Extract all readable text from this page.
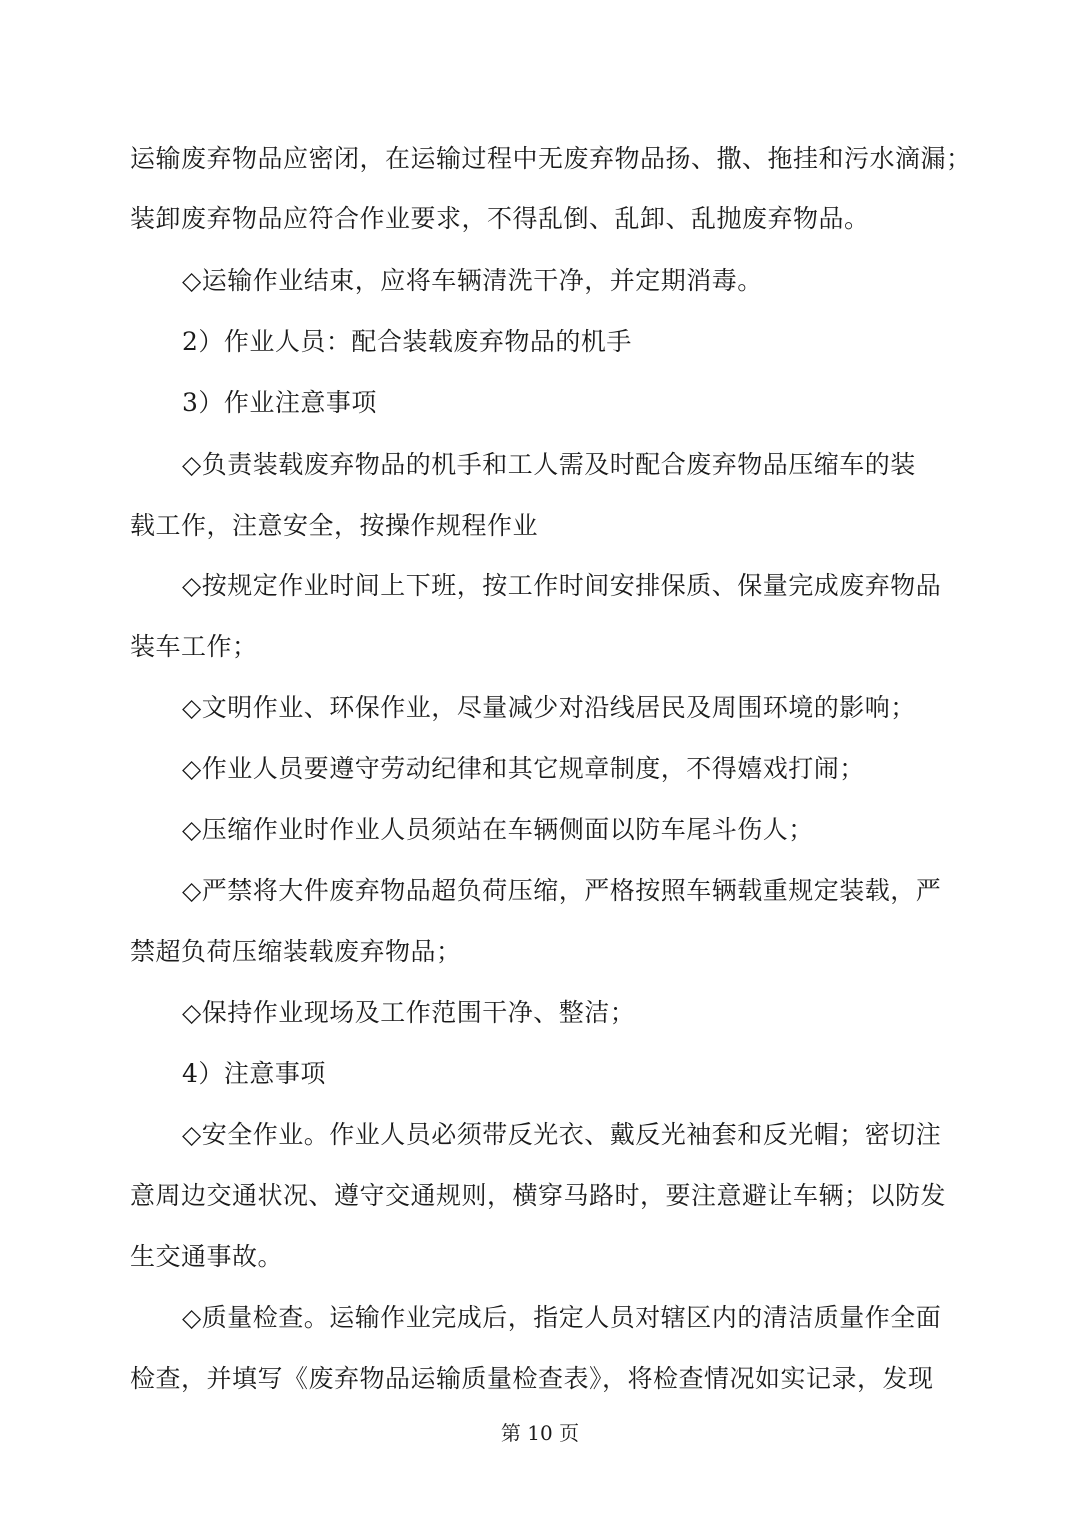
运输废弃物品应密闭，在运输过程中无废弃物品扬、撒、拖挂和污水滴漏；
装卸废弃物品应符合作业要求，不得乱倒、乱卸、乱抛废弃物品。
◇运输作业结束，应将车辆清洗干净，并定期消毒。
2）作业人员：配合装载废弃物品的机手
3）作业注意事项
◇负责装载废弃物品的机手和工人需及时配合废弃物品压缩车的装
载工作，注意安全，按操作规程作业
◇按规定作业时间上下班，按工作时间安排保质、保量完成废弃物品
装车工作；
◇文明作业、环保作业，尽量减少对沿线居民及周围环境的影响；
◇作业人员要遵守劳动纪律和其它规章制度，不得嬉戏打闹；
◇压缩作业时作业人员须站在车辆侧面以防车尾斗伤人；
◇严禁将大件废弃物品超负荷压缩，严格按照车辆载重规定装载，严
禁超负荷压缩装载废弃物品；
◇保持作业现场及工作范围干净、整洁；
4）注意事项
◇安全作业。作业人员必须带反光衣、戴反光袖套和反光帽；密切注
意周边交通状况、遵守交通规则，横穿马路时，要注意避让车辆；以防发
生交通事故。
◇质量检查。运输作业完成后，指定人员对辖区内的清洁质量作全面
检查，并填写《废弃物品运输质量检查表》，将检查情况如实记录，发现
第 10 页
